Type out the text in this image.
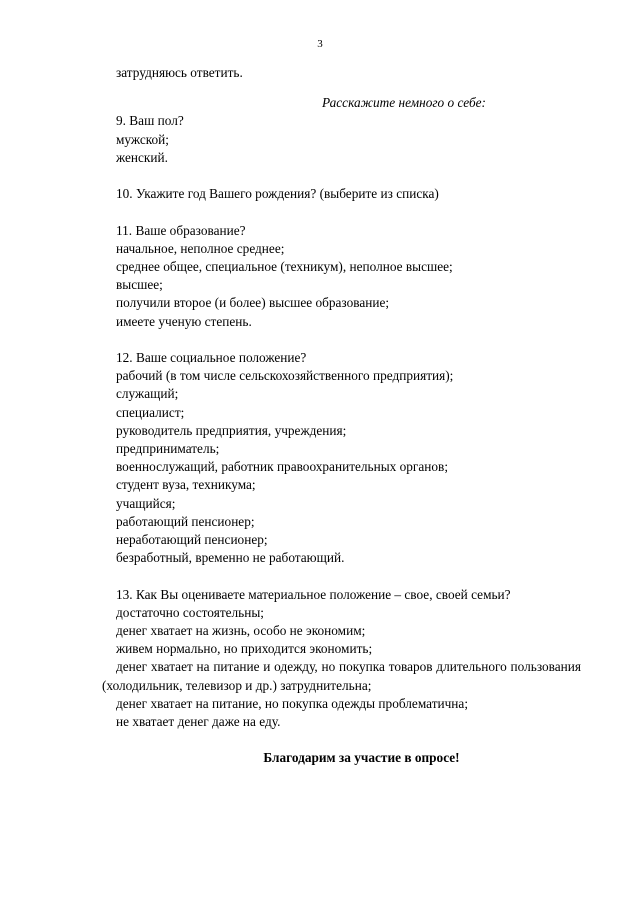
3
затрудняюсь ответить.
Расскажите немного о себе:
9. Ваш пол?
мужской;
женский.
10. Укажите год Вашего рождения? (выберите из списка)
11. Ваше образование?
начальное, неполное среднее;
среднее общее, специальное (техникум), неполное высшее;
высшее;
получили второе (и более) высшее образование;
имеете ученую степень.
12. Ваше социальное положение?
рабочий (в том числе сельскохозяйственного предприятия);
служащий;
специалист;
руководитель предприятия, учреждения;
предприниматель;
военнослужащий, работник правоохранительных органов;
студент вуза, техникума;
учащийся;
работающий пенсионер;
неработающий пенсионер;
безработный, временно не работающий.
13. Как Вы оцениваете материальное положение – свое, своей семьи?
достаточно состоятельны;
денег хватает на жизнь, особо не экономим;
живем нормально, но приходится экономить;
денег хватает на питание и одежду, но покупка товаров длительного пользования (холодильник, телевизор и др.) затруднительна;
денег хватает на питание, но покупка одежды проблематична;
не хватает денег даже на еду.
Благодарим за участие в опросе!
